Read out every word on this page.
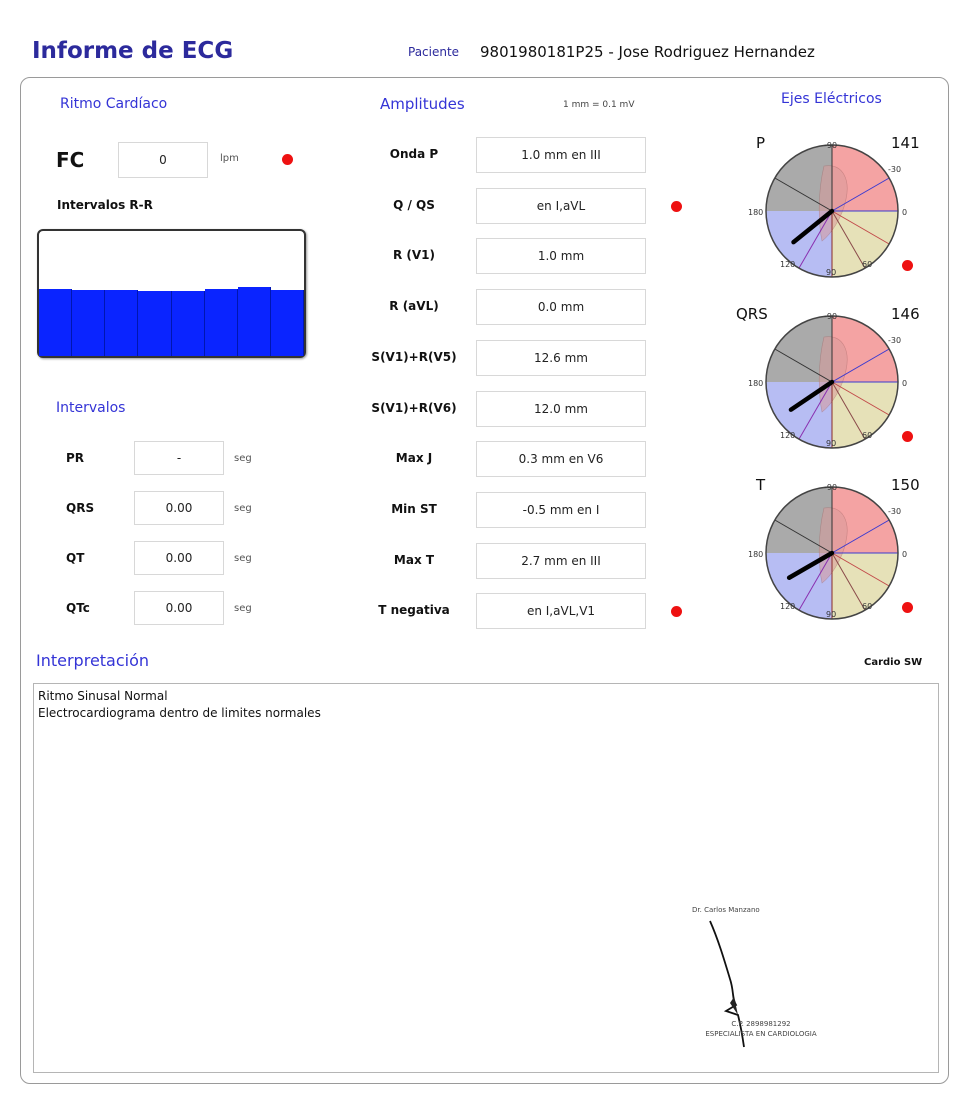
Informe de ECG	Paciente 9801980181P25 - Jose Rodriguez Hernandez
Ritmo Cardíaco
FC	0	lpm
Intervalos R-R
Intervalos
PR	-	seg
QRS	0.00	seg
QT	0.00	seg
QTc	0.00	seg
Amplitudes	1 mm = 0.1 mV
Onda P	1.0 mm en III
Q / QS	en I,aVL
R (V1)	1.0 mm
R (aVL)	0.0 mm
S(V1)+R(V5)	12.6 mm
S(V1)+R(V6)	12.0 mm
Max J	0.3 mm en V6
Min ST	-0.5 mm en I
Max T	2.7 mm en III
T negativa	en I,aVL,V1
Ejes Eléctricos
P	141
-90
-30
0
180
120
90
60
QRS	146
-90
-30
0
180
120
90
60
T	150
-90
-30
0
180
120
90
60
Interpretación	Cardio SW
Ritmo Sinusal Normal
Electrocardiograma dentro de limites normales
Dr. Carlos Manzano
C.P. 2898981292
ESPECIALISTA EN CARDIOLOGIA
